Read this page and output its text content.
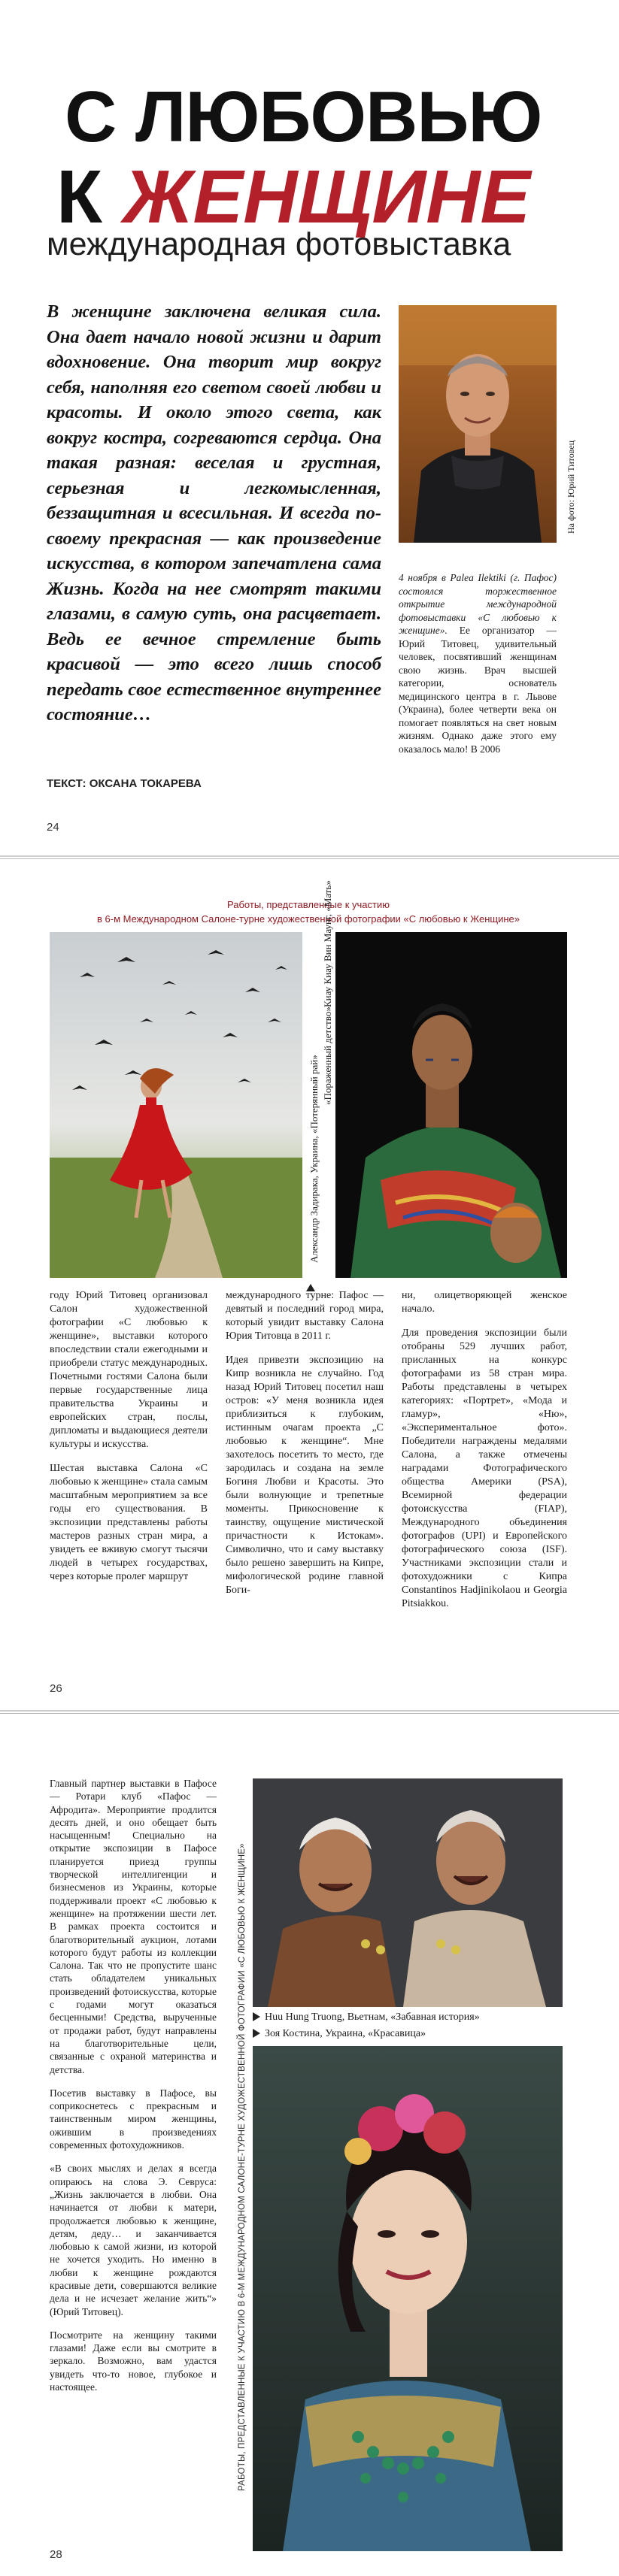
С ЛЮБОВЬЮ
К ЖЕНЩИНЕ
международная фотовыставка
В женщине заключена великая сила. Она дает начало новой жизни и дарит вдохновение. Она творит мир вокруг себя, наполняя его светом своей любви и красоты. И около этого света, как вокруг костра, согреваются сердца. Она такая разная: веселая и грустная, серьезная и легкомысленная, беззащитная и всесильная. И всегда по-своему прекрасная — как произведение искусства, в котором запечатлена сама Жизнь. Когда на нее смотрят такими глазами, в самую суть, она расцветает. Ведь ее вечное стремление быть красивой — это всего лишь способ передать свое естественное внутреннее состояние…
На фото: Юрий Титовец
4 ноября в Palea Ilektiki (г. Пафос) состоялся торжественное открытие международной фотовыставки «С любовью к женщине». Ее организатор — Юрий Титовец, удивительный человек, посвятивший женщинам свою жизнь. Врач высшей категории, основатель медицинского центра в г. Львове (Украина), более четверти века он помогает появляться на свет новым жизням. Однако даже этого ему оказалось мало! В 2006
ТЕКСТ: ОКСАНА ТОКАРЕВА
24
Работы, представленные к участию
в 6-м Международном Салоне-турне художественной фотографии «С любовью к Женщине»
Александр Задирака, Украина, «Потерянный рай» «Пораженный детство»
Киау Киау Вин Маунг, «Мать»

году Юрий Титовец организовал Салон художественной фотографии «С любовью к женщине», выставки которого впоследствии стали ежегодными и приобрели статус международных. Почетными гостями Салона были первые государственные лица правительства Украины и европейских стран, послы, дипломаты и выдающиеся деятели культуры и искусства.

Шестая выставка Салона «С любовью к женщине» стала самым масштабным мероприятием за все годы его существования. В экспозиции представлены работы мастеров разных стран мира, а увидеть ее вживую смогут тысячи людей в четырех государствах, через которые пролег маршрут

международного турне: Пафос — девятый и последний город мира, который увидит выставку Салона Юрия Титовца в 2011 г.

Идея привезти экспозицию на Кипр возникла не случайно. Год назад Юрий Титовец посетил наш остров: «У меня возникла идея приблизиться к глубоким, истинным очагам проекта „С любовью к женщине“. Мне захотелось посетить то место, где зародилась и создана на земле Богиня Любви и Красоты. Это были волнующие и трепетные моменты. Прикосновение к таинству, ощущение мистической причастности к Истокам». Символично, что и саму выставку было решено завершить на Кипре, мифологической родине главной Боги-

ни, олицетворяющей женское начало.

Для проведения экспозиции были отобраны 529 лучших работ, присланных на конкурс фотографами из 58 стран мира. Работы представлены в четырех категориях: «Портрет», «Мода и гламур», «Ню», «Экспериментальное фото». Победители награждены медалями Салона, а также отмечены наградами Фотографического общества Америки (PSA), Всемирной федерации фотоискусства (FIAP), Международного объединения фотографов (UPI) и Европейского фотографического союза (ISF). Участниками экспозиции стали и фотохудожники с Кипра Constantinos Hadjinikolaou и Georgia Pitsiakkou.

26

Главный партнер выставки в Пафосе — Ротари клуб «Пафос — Афродита». Мероприятие продлится десять дней, и оно обещает быть насыщенным! Специально на открытие экспозиции в Пафосе планируется приезд группы творческой интеллигенции и бизнесменов из Украины, которые поддерживали проект «С любовью к женщине» на протяжении шести лет. В рамках проекта состоится и благотворительный аукцион, лотами которого будут работы из коллекции Салона. Так что не пропустите шанс стать обладателем уникальных произведений фотоискусства, которые с годами могут оказаться бесценными! Средства, вырученные от продажи работ, будут направлены на благотворительные цели, связанные с охраной материнства и детства.

Посетив выставку в Пафосе, вы соприкоснетесь с прекрасным и таинственным миром женщины, ожившим в произведениях современных фотохудожников.

«В своих мыслях и делах я всегда опираюсь на слова Э. Севруса: „Жизнь заключается в любви. Она начинается от любви к матери, продолжается любовью к женщине, детям, деду… и заканчивается любовью к самой жизни, из которой не хочется уходить. Но именно в любви к женщине рождаются красивые дети, совершаются великие дела и не исчезает желание жить“» (Юрий Титовец).

Посмотрите на женщину такими глазами! Даже если вы смотрите в зеркало. Возможно, вам удастся увидеть что-то новое, глубокое и настоящее.	РАБОТЫ, ПРЕДСТАВЛЕННЫЕ К УЧАСТИЮ В 6-М МЕЖДУНАРОДНОМ САЛОНЕ-ТУРНЕ ХУДОЖЕСТВЕННОЙ ФОТОГРАФИИ «С ЛЮБОВЬЮ К ЖЕНЩИНЕ» Huu Hung Truong, Вьетнам, «Забавная история»
Зоя Костина, Украина, «Красавица»
28
